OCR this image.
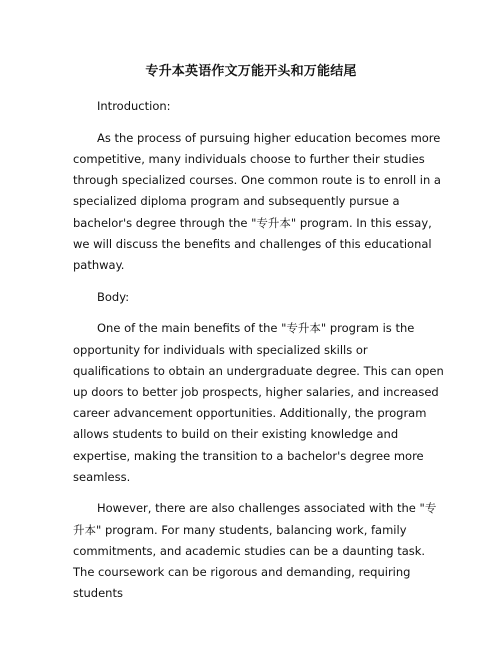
专升本英语作文万能开头和万能结尾

Introduction:

As the process of pursuing higher education becomes more competitive, many individuals choose to further their studies through specialized courses. One common route is to enroll in a specialized diploma program and subsequently pursue a bachelor's degree through the "专升本" program. In this essay, we will discuss the benefits and challenges of this educational pathway.

Body:

One of the main benefits of the "专升本" program is the opportunity for individuals with specialized skills or qualifications to obtain an undergraduate degree. This can open up doors to better job prospects, higher salaries, and increased career advancement opportunities. Additionally, the program allows students to build on their existing knowledge and expertise, making the transition to a bachelor's degree more seamless.

However, there are also challenges associated with the "专升本" program. For many students, balancing work, family commitments, and academic studies can be a daunting task. The coursework can be rigorous and demanding, requiring students
